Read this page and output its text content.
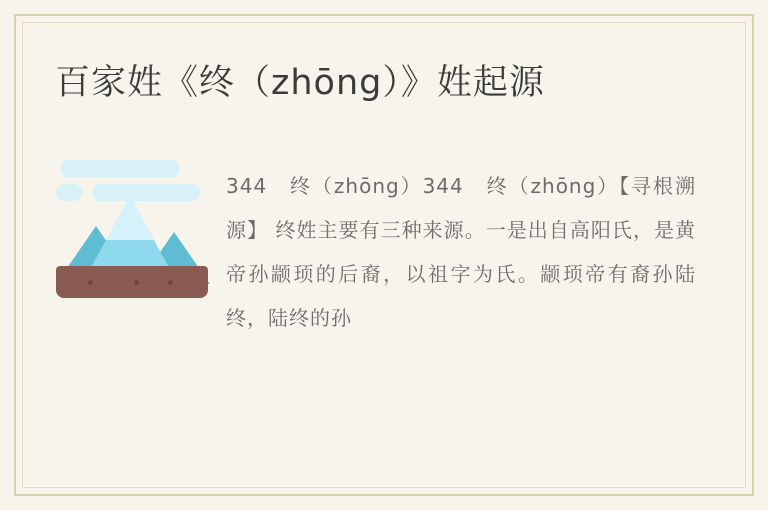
百家姓《终（zhōng）》姓起源
344　终（zhōng）344　终（zhōng）【寻根溯源】 终姓主要有三种来源。一是出自高阳氏，是黄帝孙颛顼的后裔，以祖字为氏。颛顼帝有裔孙陆终，陆终的孙
